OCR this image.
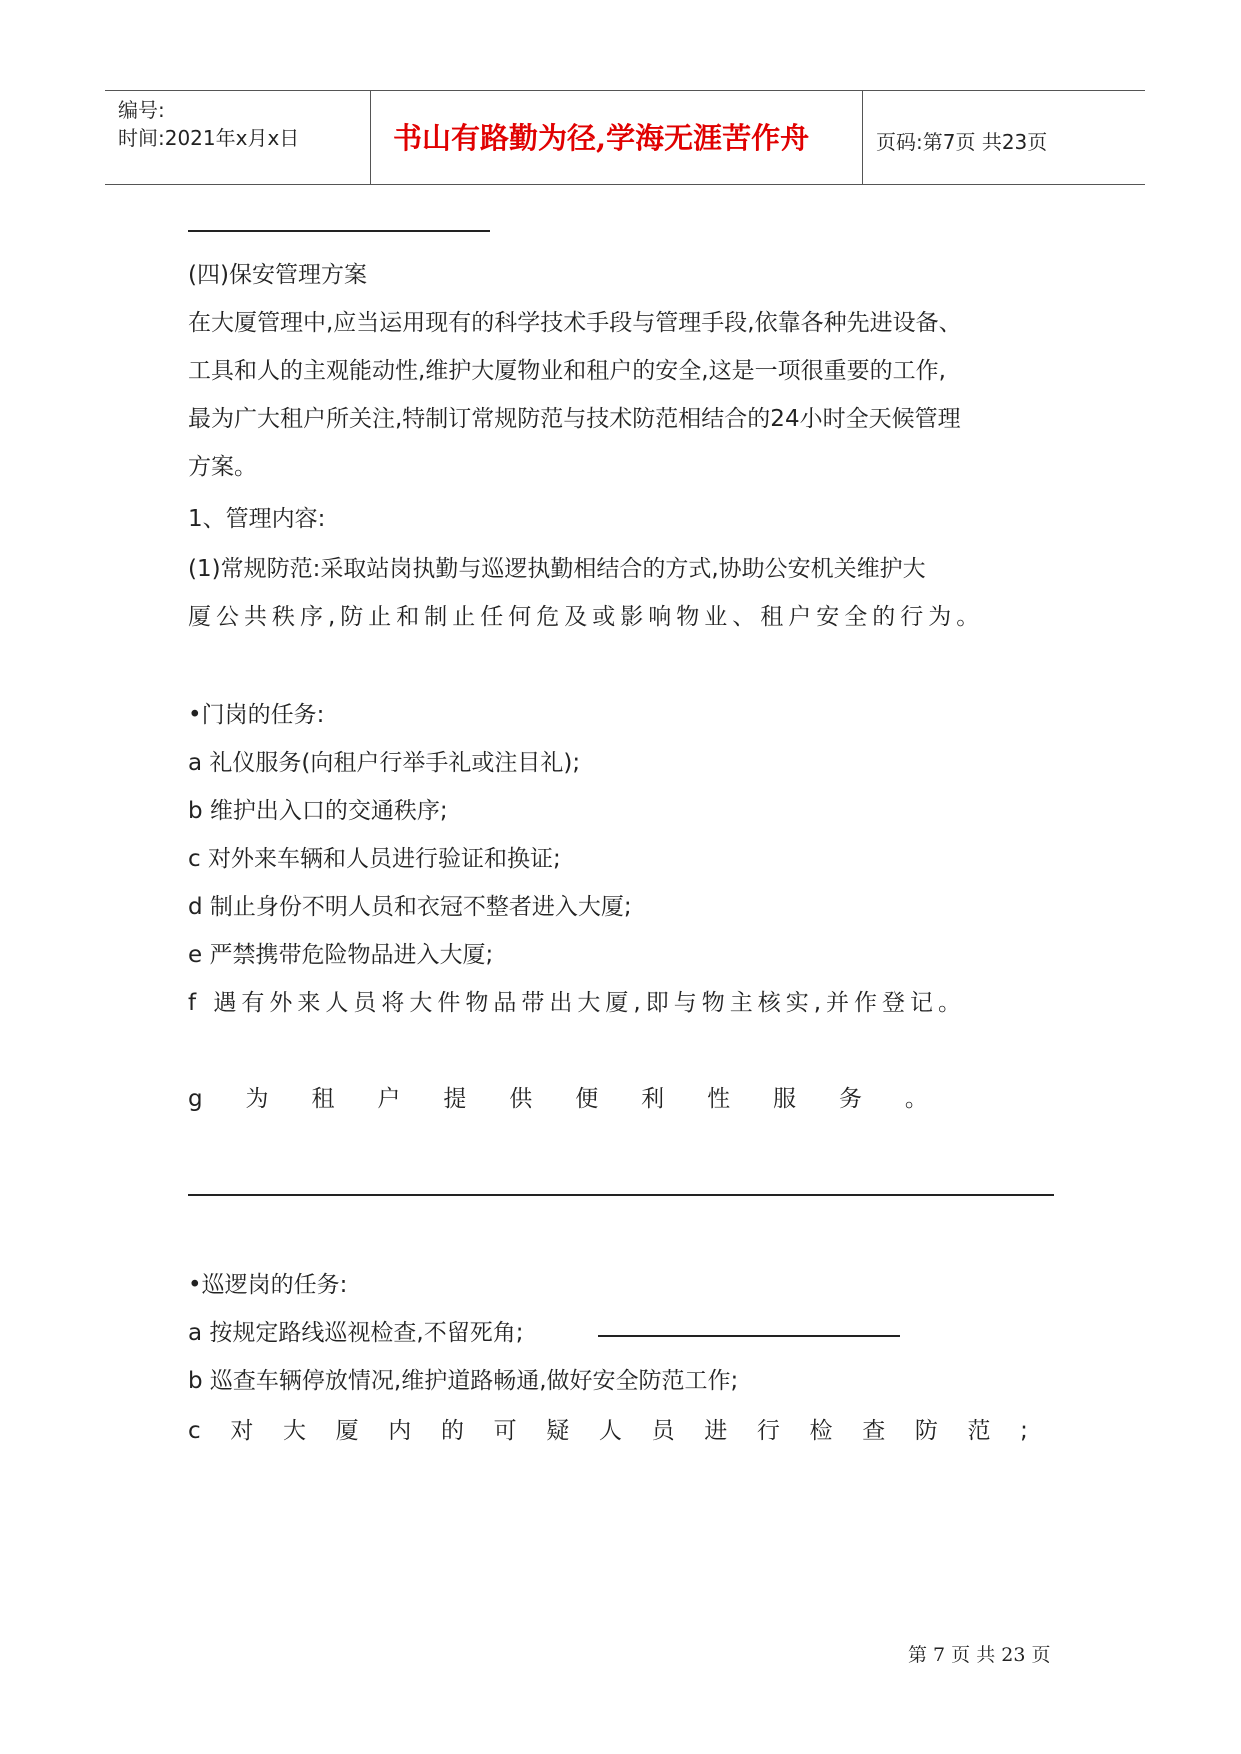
编号:
时间:2021年x月x日	书山有路勤为径,学海无涯苦作舟	页码:第7页 共23页
(四)保安管理方案
在大厦管理中,应当运用现有的科学技术手段与管理手段,依靠各种先进设备、
工具和人的主观能动性,维护大厦物业和租户的安全,这是一项很重要的工作,
最为广大租户所关注,特制订常规防范与技术防范相结合的24小时全天候管理
方案。
1、管理内容:
(1)常规防范:采取站岗执勤与巡逻执勤相结合的方式,协助公安机关维护大
厦公共秩序,防止和制止任何危及或影响物业、租户安全的行为。
•门岗的任务:
a 礼仪服务(向租户行举手礼或注目礼);
b 维护出入口的交通秩序;
c 对外来车辆和人员进行验证和换证;
d 制止身份不明人员和衣冠不整者进入大厦;
e 严禁携带危险物品进入大厦;
f 遇有外来人员将大件物品带出大厦,即与物主核实,并作登记。
g 为 租 户 提 供 便 利 性 服 务 。
•巡逻岗的任务:
a 按规定路线巡视检查,不留死角;
b 巡查车辆停放情况,维护道路畅通,做好安全防范工作;
c 对 大 厦 内 的 可 疑 人 员 进 行 检 查 防 范 ;
第 7 页 共 23 页
